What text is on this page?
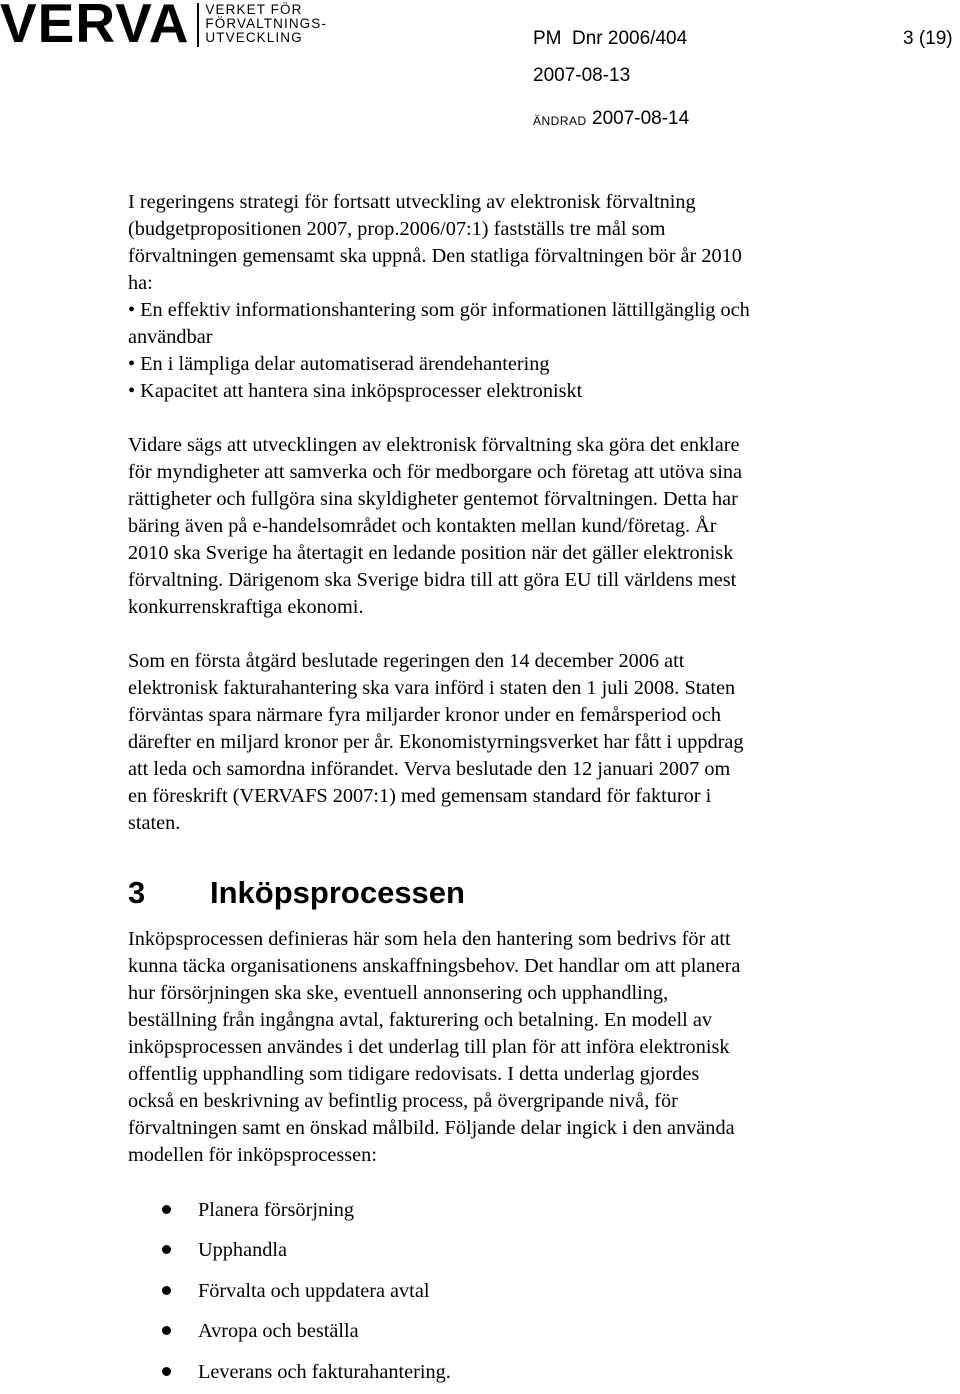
VERVA VERKET FÖR
FÖRVALTNINGS-
UTVECKLING	PM Dnr 2006/404	3 (19)
2007-08-13
ÄNDRAD 2007-08-14
I regeringens strategi för fortsatt utveckling av elektronisk förvaltning
(budgetpropositionen 2007, prop.2006/07:1) fastställs tre mål som
förvaltningen gemensamt ska uppnå. Den statliga förvaltningen bör år 2010
ha:
• En effektiv informationshantering som gör informationen lättillgänglig och
användbar
• En i lämpliga delar automatiserad ärendehantering
• Kapacitet att hantera sina inköpsprocesser elektroniskt
Vidare sägs att utvecklingen av elektronisk förvaltning ska göra det enklare
för myndigheter att samverka och för medborgare och företag att utöva sina
rättigheter och fullgöra sina skyldigheter gentemot förvaltningen. Detta har
bäring även på e-handelsområdet och kontakten mellan kund/företag. År
2010 ska Sverige ha återtagit en ledande position när det gäller elektronisk
förvaltning. Därigenom ska Sverige bidra till att göra EU till världens mest
konkurrenskraftiga ekonomi.
Som en första åtgärd beslutade regeringen den 14 december 2006 att
elektronisk fakturahantering ska vara införd i staten den 1 juli 2008. Staten
förväntas spara närmare fyra miljarder kronor under en femårsperiod och
därefter en miljard kronor per år. Ekonomistyrningsverket har fått i uppdrag
att leda och samordna införandet. Verva beslutade den 12 januari 2007 om
en föreskrift (VERVAFS 2007:1) med gemensam standard för fakturor i
staten.
3 Inköpsprocessen
Inköpsprocessen definieras här som hela den hantering som bedrivs för att
kunna täcka organisationens anskaffningsbehov. Det handlar om att planera
hur försörjningen ska ske, eventuell annonsering och upphandling,
beställning från ingångna avtal, fakturering och betalning. En modell av
inköpsprocessen användes i det underlag till plan för att införa elektronisk
offentlig upphandling som tidigare redovisats. I detta underlag gjordes
också en beskrivning av befintlig process, på övergripande nivå, för
förvaltningen samt en önskad målbild. Följande delar ingick i den använda
modellen för inköpsprocessen:
Planera försörjning
Upphandla
Förvalta och uppdatera avtal
Avropa och beställa
Leverans och fakturahantering.
